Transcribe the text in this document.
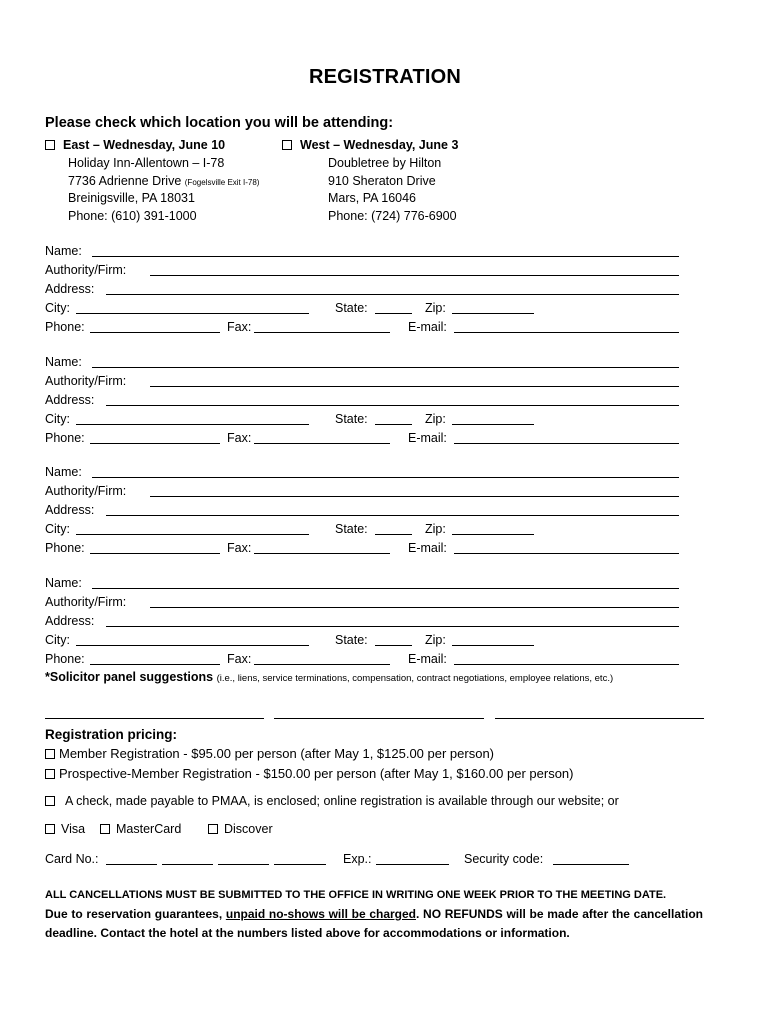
REGISTRATION
Please check which location you will be attending:
East – Wednesday, June 10
Holiday Inn-Allentown – I-78
7736 Adrienne Drive (Fogelsville Exit I-78)
Breinigsville, PA 18031
Phone: (610) 391-1000
West – Wednesday, June 3
Doubletree by Hilton
910 Sheraton Drive
Mars, PA 16046
Phone: (724) 776-6900
Name:
Authority/Firm:
Address:
City:	State:	Zip:
Phone:	Fax:	E-mail:
Name:
Authority/Firm:
Address:
City:	State:	Zip:
Phone:	Fax:	E-mail:
Name:
Authority/Firm:
Address:
City:	State:	Zip:
Phone:	Fax:	E-mail:
Name:
Authority/Firm:
Address:
City:	State:	Zip:
Phone:	Fax:	E-mail:
*Solicitor panel suggestions (i.e., liens, service terminations, compensation, contract negotiations, employee relations, etc.)
Registration pricing:
Member Registration - $95.00 per person (after May 1, $125.00 per person)
Prospective-Member Registration - $150.00 per person (after May 1, $160.00 per person)
A check, made payable to PMAA, is enclosed; online registration is available through our website; or
Visa	MasterCard	Discover
Card No.:	Exp.:	Security code:
ALL CANCELLATIONS MUST BE SUBMITTED TO THE OFFICE IN WRITING ONE WEEK PRIOR TO THE MEETING DATE.
Due to reservation guarantees, unpaid no-shows will be charged. NO REFUNDS will be made after the cancellation deadline. Contact the hotel at the numbers listed above for accommodations or information.
